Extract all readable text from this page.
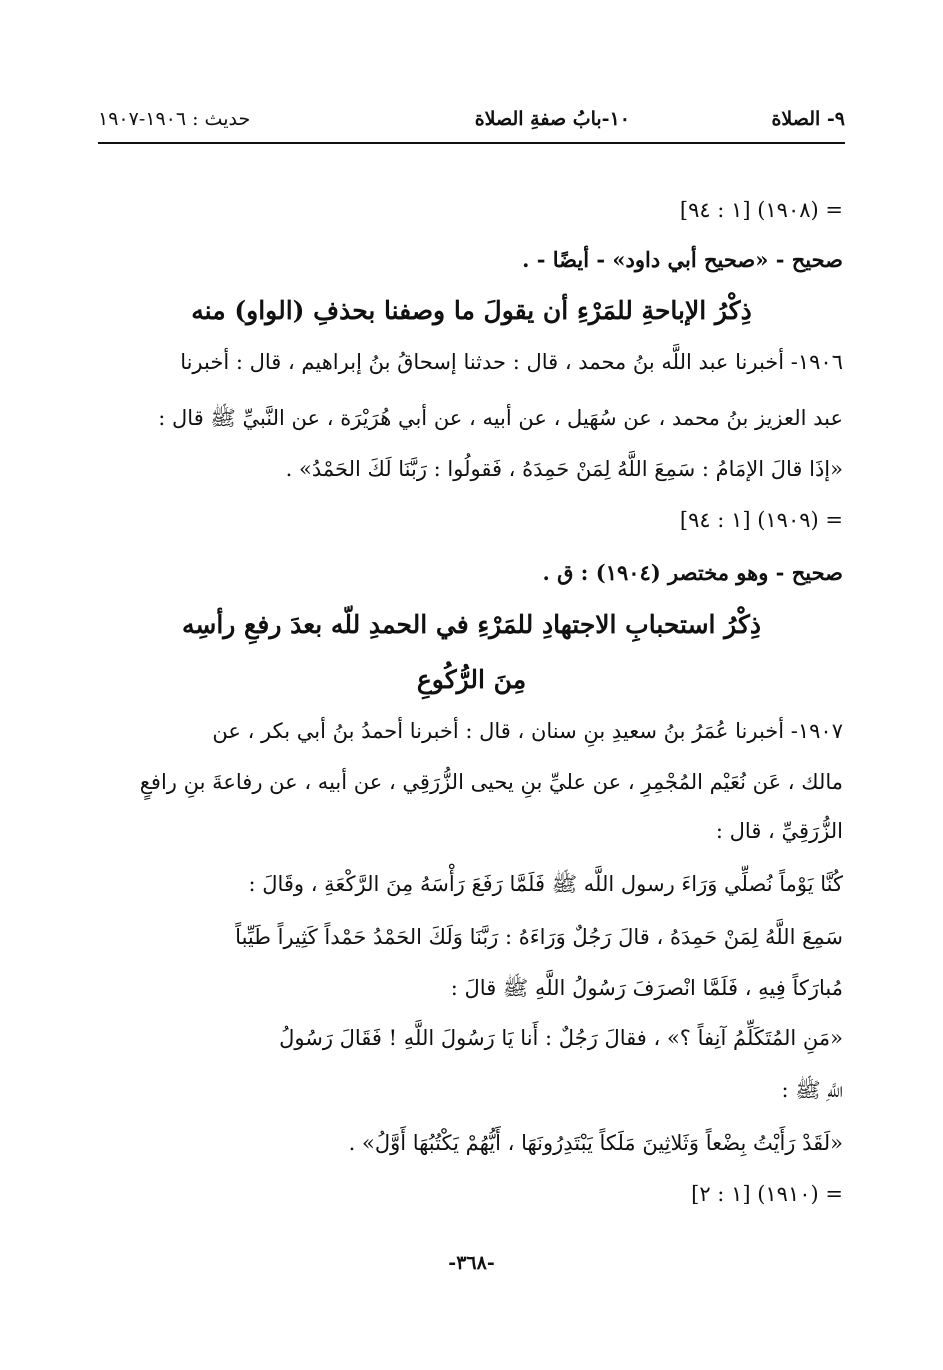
٩- الصلاة
١٠-بابُ صفةِ الصلاة
حديث : ١٩٠٦-١٩٠٧
= (١٩٠٨) [١ : ٩٤]
صحيح - «صحيح أبي داود» - أيضًا - .
ذِكْرُ الإباحةِ للمَرْءِ أن يقولَ ما وصفنا بحذفِ (الواو) منه
١٩٠٦- أخبرنا عبد اللَّه بنُ محمد ، قال : حدثنا إسحاقُ بنُ إبراهيم ، قال : أخبرنا
عبد العزيز بنُ محمد ، عن سُهَيل ، عن أبيه ، عن أبي هُرَيْرَة ، عن النَّبيِّ ﷺ قال :
«إذَا قالَ الإمَامُ : سَمِعَ اللَّهُ لِمَنْ حَمِدَهُ ، فَقولُوا : رَبَّنَا لَكَ الحَمْدُ» .
= (١٩٠٩) [١ : ٩٤]
صحيح - وهو مختصر (١٩٠٤) : ق .
ذِكْرُ استحبابِ الاجتهادِ للمَرْءِ في الحمدِ للّه بعدَ رفعِ رأسِه
مِنَ الرُّكُوعِ
١٩٠٧- أخبرنا عُمَرُ بنُ سعيدِ بنِ سنان ، قال : أخبرنا أحمدُ بنُ أبي بكر ، عن
مالك ، عَن نُعَيْم المُجْمِرِ ، عن عليِّ بنِ يحيى الزُّرَقِي ، عن أبيه ، عن رفاعةَ بنِ رافعٍ
الزُّرَقِيِّ ، قال :
كُنَّا يَوْماً نُصلِّي وَرَاءَ رسول اللَّه ﷺ فَلَمَّا رَفَعَ رَأْسَهُ مِنَ الرَّكْعَةِ ، وقَالَ :
سَمِعَ اللَّهُ لِمَنْ حَمِدَهُ ، قالَ رَجُلٌ وَرَاءَهُ : رَبَّنَا وَلَكَ الحَمْدُ حَمْداً كَثِيراً طَيِّباً
مُبارَكاً فِيهِ ، فَلَمَّا انْصرَفَ رَسُولُ اللَّهِ ﷺ قالَ :
«مَنِ المُتَكَلِّمُ آنِفاً ؟» ، فقالَ رَجُلٌ : أَنا يَا رَسُولَ اللَّهِ ! فَقَالَ رَسُولُ
اللَّهِ ﷺ :
«لَقَدْ رَأَيْتُ بِضْعاً وَثَلاثِينَ مَلَكاً يَبْتَدِرُونَهَا ، أَيُّهُمْ يَكْتُبُهَا أَوَّلُ» .
= (١٩١٠) [١ : ٢]
-٣٦٨-
